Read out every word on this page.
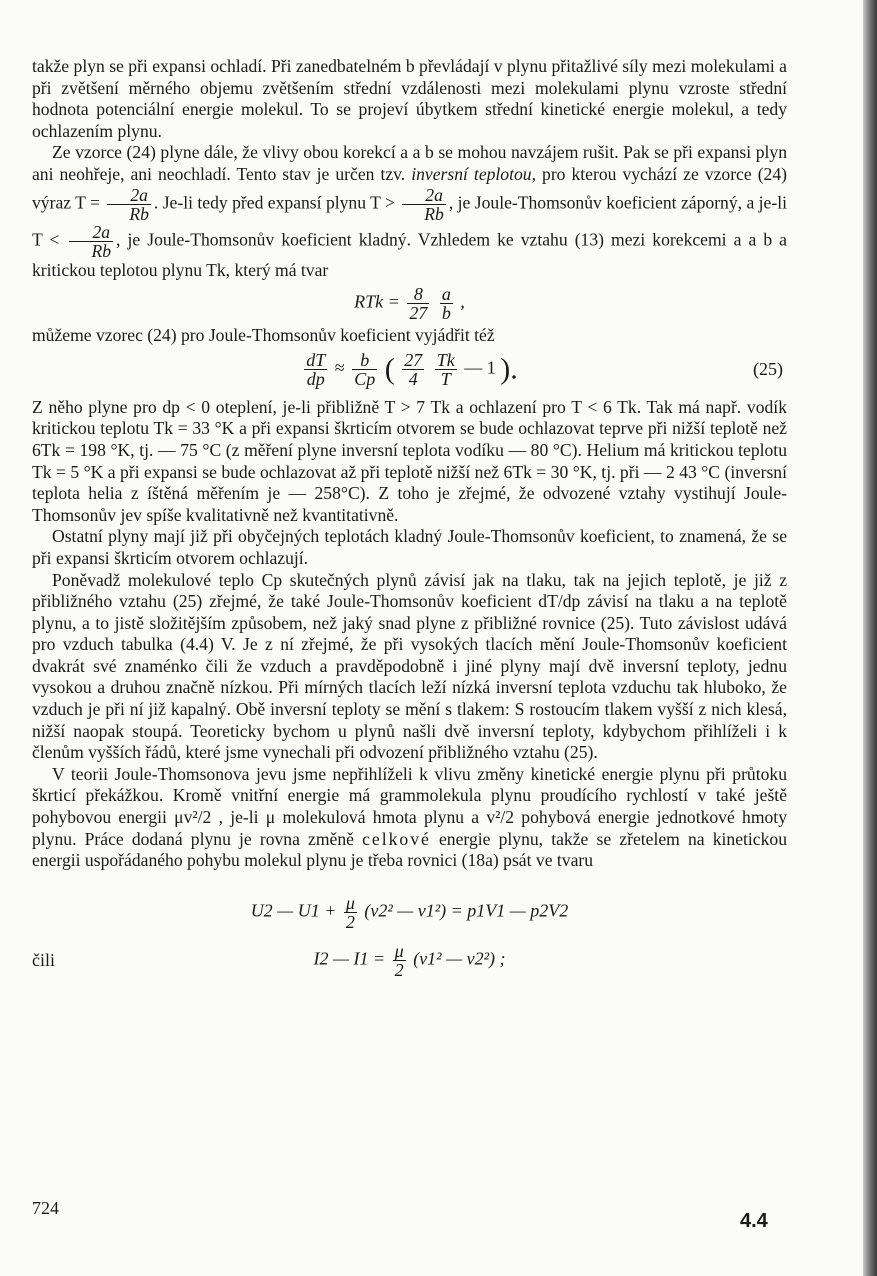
takže plyn se při expansi ochladí. Při zanedbatelném b převládají v plynu přitažlivé síly mezi molekulami a při zvětšení měrného objemu zvětšením střední vzdálenosti mezi molekulami plynu vzroste střední hodnota potenciální energie molekul. To se projeví úbytkem střední kinetické energie molekul, a tedy ochlazením plynu.

Ze vzorce (24) plyne dále, že vlivy obou korekcí a a b se mohou navzájem rušit. Pak se při expansi plyn ani neohřeje, ani neochladí. Tento stav je určen tzv. inversní teplotou, pro kterou vychází ze vzorce (24) výraz $T = \frac{2a}{Rb}$ . Je-li tedy před expansí plynu $T > \frac{2a}{Rb}$ , je Joule-Thomsonův koeficient záporný, a je-li $T < \frac{2a}{Rb}$ , je Joule-Thomsonův koeficient kladný. Vzhledem ke vztahu (13) mezi korekcemi a a b a kritickou teplotou plynu Tk, který má tvar

RTk = $\frac{8}{27}$
$\frac{a}{b}$ ,

můžeme vzorec (24) pro Joule-Thomsonův koeficient vyjádřit též

$\frac{dT}{dp} \approx \frac{b}{Cp}$ ( $\frac{27}{4}$
$\frac{Tk}{T}$ — 1 ).	(25)

Z něho plyne pro dp < 0 oteplení, je-li přibližně T > 7 Tk a ochlazení pro T < 6 Tk. Tak má např. vodík kritickou teplotu Tk = 33 °K a při expansi škrticím otvorem se bude ochlazovat teprve při nižší teplotě než 6Tk = 198 °K, tj. — 75 °C (z měření plyne inversní teplota vodíku — 80 °C). Helium má kritickou teplotu Tk = 5 °K a při expansi se bude ochlazovat až při teplotě nižší než 6Tk = 30 °K, tj. při — 2 43 °C (inversní teplota helia z íštěná měřením je — 258°C). Z toho je zřejmé, že odvozené vztahy vystihují Joule-Thomsonův jev spíše kvalitativně než kvantitativně.

Ostatní plyny mají již při obyčejných teplotách kladný Joule-Thomsonův koeficient, to znamená, že se při expansi škrticím otvorem ochlazují.

Poněvadž molekulové teplo Cp skutečných plynů závisí jak na tlaku, tak na jejich teplotě, je již z přibližného vztahu (25) zřejmé, že také Joule-Thomsonův koeficient dT/dp závisí na tlaku a na teplotě plynu, a to jistě složitějším způsobem, než jaký snad plyne z přibližné rovnice (25). Tuto závislost udává pro vzduch tabulka (4.4) V. Je z ní zřejmé, že při vysokých tlacích mění Joule-Thomsonův koeficient dvakrát své znaménko čili že vzduch a pravděpodobně i jiné plyny mají dvě inversní teploty, jednu vysokou a druhou značně nízkou. Při mírných tlacích leží nízká inversní teplota vzduchu tak hluboko, že vzduch je při ní již kapalný. Obě inversní teploty se mění s tlakem: S rostoucím tlakem vyšší z nich klesá, nižší naopak stoupá. Teoreticky bychom u plynů našli dvě inversní teploty, kdybychom přihlíželi i k členům vyšších řádů, které jsme vynechali při odvození přibližného vztahu (25).

V teorii Joule-Thomsonova jevu jsme nepřihlíželi k vlivu změny kinetické energie plynu při průtoku škrticí překážkou. Kromě vnitřní energie má grammolekula plynu proudícího rychlostí v také ještě pohybovou energii μv²/2 , je-li μ molekulová hmota plynu a v²/2 pohybová energie jednotkové hmoty plynu. Práce dodaná plynu je rovna změně celkové energie plynu, takže se zřetelem na kinetickou energii uspořádaného pohybu molekul plynu je třeba rovnici (18a) psát ve tvaru

U2 — $U1 + \frac{\mu}{2} (v2^2$ — v1²) = p1V1 — p2V2
čili	I2 — $I1 = \frac{\mu}{2} (v1^2$ — v2²) ;
724
4.4
